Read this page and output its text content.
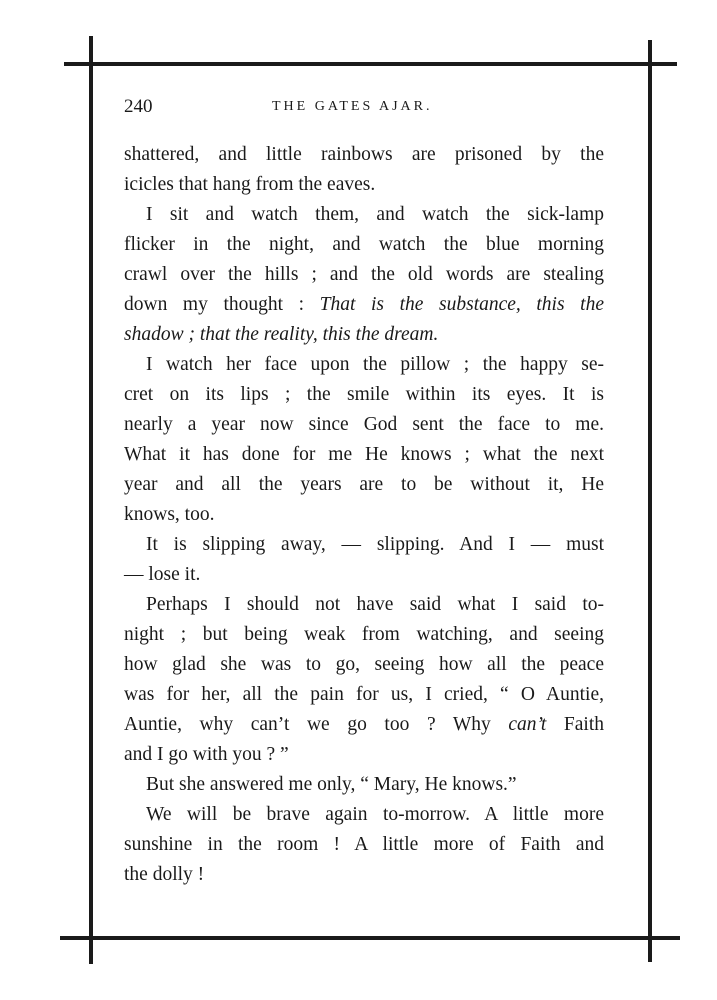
240	THE GATES AJAR.
shattered, and little rainbows are prisoned by the
icicles that hang from the eaves.
I sit and watch them, and watch the sick-lamp
flicker in the night, and watch the blue morning
crawl over the hills ; and the old words are stealing
down my thought : That is the substance, this the
shadow ; that the reality, this the dream.
I watch her face upon the pillow ; the happy se-
cret on its lips ; the smile within its eyes. It is
nearly a year now since God sent the face to me.
What it has done for me He knows ; what the next
year and all the years are to be without it, He
knows, too.
It is slipping away, — slipping. And I — must
— lose it.
Perhaps I should not have said what I said to-
night ; but being weak from watching, and seeing
how glad she was to go, seeing how all the peace
was for her, all the pain for us, I cried, “ O Auntie,
Auntie, why can’t we go too ? Why can’t Faith
and I go with you ? ”
But she answered me only, “ Mary, He knows.”
We will be brave again to-morrow. A little more
sunshine in the room ! A little more of Faith and
the dolly !
